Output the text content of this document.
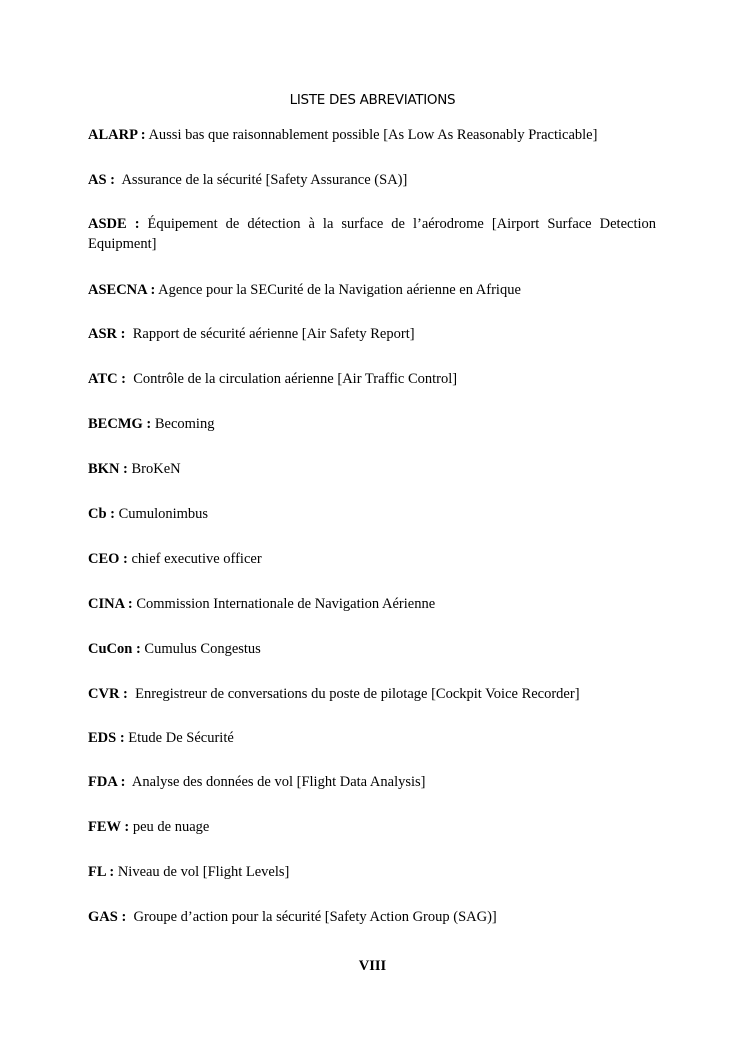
LISTE DES ABREVIATIONS
ALARP : Aussi bas que raisonnablement possible [As Low As Reasonably Practicable]
AS : Assurance de la sécurité [Safety Assurance (SA)]
ASDE : Équipement de détection à la surface de l’aérodrome [Airport Surface Detection Equipment]
ASECNA : Agence pour la SECurité de la Navigation aérienne en Afrique
ASR : Rapport de sécurité aérienne [Air Safety Report]
ATC : Contrôle de la circulation aérienne [Air Traffic Control]
BECMG : Becoming
BKN : BroKeN
Cb : Cumulonimbus
CEO : chief executive officer
CINA : Commission Internationale de Navigation Aérienne
CuCon : Cumulus Congestus
CVR : Enregistreur de conversations du poste de pilotage [Cockpit Voice Recorder]
EDS : Etude De Sécurité
FDA : Analyse des données de vol [Flight Data Analysis]
FEW : peu de nuage
FL : Niveau de vol [Flight Levels]
GAS : Groupe d’action pour la sécurité [Safety Action Group (SAG)]
VIII
